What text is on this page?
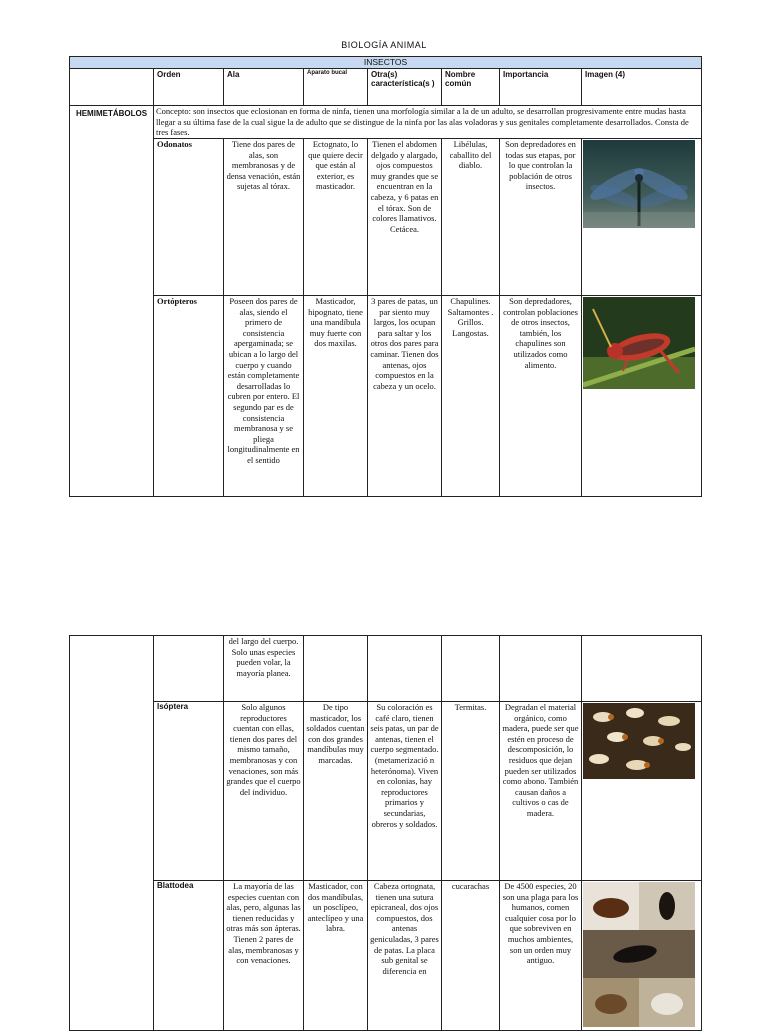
BIOLOGÍA ANIMAL
INSECTOS							
	Orden	Ala	Aparato bucal	Otra(s) característica(s )	Nombre común	Importancia	Imagen (4)
HEMIMETÁBOLOS	Concepto: son insectos que eclosionan en forma de ninfa, tienen una morfología similar a la de un adulto, se desarrollan progresivamente entre mudas hasta llegar a su última fase de la cual sigue la de adulto que se distingue de la ninfa por las alas voladoras y sus genitales completamente desarrollados. Consta de tres fases.						
	Odonatos	Tiene dos pares de alas, son membranosas y de densa venación, están sujetas al tórax.	Ectognato, lo que quiere decir que están al exterior, es masticador.	Tienen el abdomen delgado y alargado, ojos compuestos muy grandes que se encuentran en la cabeza, y 6 patas en el tórax. Son de colores llamativos. Cetácea.	Libélulas, caballito del diablo.	Son depredadores en todas sus etapas, por lo que controlan la población de otros insectos.	

	Ortópteros	Poseen dos pares de alas, siendo el primero de consistencia apergaminada; se ubican a lo largo del cuerpo y cuando están completamente desarrolladas lo cubren por entero. El segundo par es de consistencia membranosa y se pliega longitudinalmente en el sentido	Masticador, hipognato, tiene una mandíbula muy fuerte con dos maxilas.	3 pares de patas, un par siento muy largos, los ocupan para saltar y los otros dos pares para caminar. Tienen dos antenas, ojos compuestos en la cabeza y un ocelo.	Chapulines. Saltamontes . Grillos. Langostas.	Son depredadores, controlan poblaciones de otros insectos, también, los chapulines son utilizados como alimento.	
		del largo del cuerpo. Solo unas especies pueden volar, la mayoría planea.					
	Isóptera	Solo algunos reproductores cuentan con ellas, tienen dos pares del mismo tamaño, membranosas y con venaciones, son más grandes que el cuerpo del individuo.	De tipo masticador, los soldados cuentan con dos grandes mandíbulas muy marcadas.	Su coloración es café claro, tienen seis patas, un par de antenas, tienen el cuerpo segmentado. (metamerizació n heterónoma). Viven en colonias, hay reproductores primarios y secundarias, obreros y soldados.	Termitas.	Degradan el material orgánico, como madera, puede ser que estén en proceso de descomposición, lo residuos que dejan pueden ser utilizados como abono. También causan daños a cultivos o cas de madera.	

	Blattodea	La mayoría de las especies cuentan con alas, pero, algunas las tienen reducidas y otras más son ápteras. Tienen 2 pares de alas, membranosas y con venaciones.	Masticador, con dos mandíbulas, un posclípeo, anteclípeo y una labra.	Cabeza ortognata, tienen una sutura epicraneal, dos ojos compuestos, dos antenas geniculadas, 3 pares de patas. La placa sub genital se diferencia en	cucarachas	De 4500 especies, 20 son una plaga para los humanos, comen cualquier cosa por lo que sobreviven en muchos ambientes, son un orden muy antiguo.	
